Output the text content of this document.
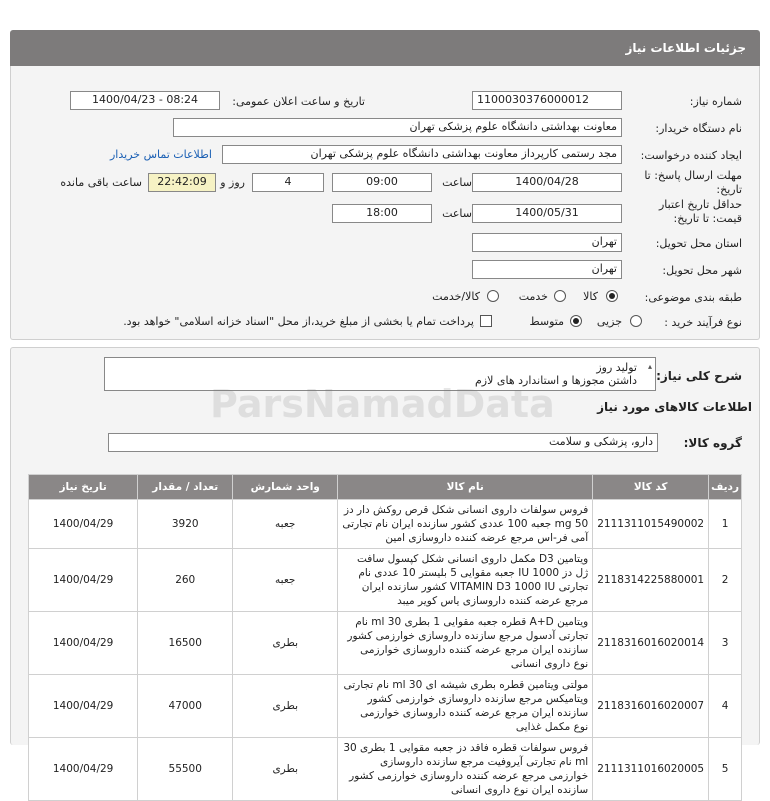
جزئیات اطلاعات نیاز
شماره نیاز:
1100030376000012
تاریخ و ساعت اعلان عمومی:
1400/04/23 - 08:24
نام دستگاه خریدار:
معاونت بهداشتی دانشگاه علوم پزشکی تهران
ایجاد کننده درخواست:
مجد رستمی کارپرداز معاونت بهداشتی دانشگاه علوم پزشکی تهران
اطلاعات تماس خریدار
مهلت ارسال پاسخ: تا
تاریخ:
1400/04/28
ساعت
09:00
4
روز و
22:42:09
ساعت باقی مانده
حداقل تاریخ اعتبار
قیمت: تا تاریخ:
1400/05/31
ساعت
18:00
استان محل تحویل:
تهران
شهر محل تحویل:
تهران
طبقه بندی موضوعی:
کالا
خدمت
کالا/خدمت
نوع فرآیند خرید :
جزیی
متوسط
پرداخت تمام یا بخشی از مبلغ خرید،از محل "اسناد خزانه اسلامی" خواهد بود.
شرح کلی نیاز:
تولید روز
داشتن مجوزها و استاندارد های لازم
▴
اطلاعات کالاهای مورد نیاز
گروه کالا:
دارو، پزشکی و سلامت
ردیف	کد کالا	نام کالا	واحد شمارش	تعداد / مقدار	تاریخ نیاز
1	2111311015490002	فروس سولفات داروی انسانی شکل قرص روکش دار دز 50 mg جعبه 100 عددی کشور سازنده ایران نام تجارتی آمی فر-اس مرجع عرضه کننده داروسازی امین	جعبه	3920	1400/04/29
2	2118314225880001	ویتامین D3 مکمل داروی انسانی شکل کپسول سافت ژل دز IU 1000 جعبه مقوایی 5 بلیستر 10 عددی نام تجارتی VITAMIN D3 1000 IU کشور سازنده ایران مرجع عرضه کننده داروسازی یاس کویر میبد	جعبه	260	1400/04/29
3	2118316016020014	ویتامین A+D قطره جعبه مقوایی 1 بطری 30 ml نام تجارتی آدسول مرجع سازنده داروسازی خوارزمی کشور سازنده ایران مرجع عرضه کننده داروسازی خوارزمی نوع داروی انسانی	بطری	16500	1400/04/29
4	2118316016020007	مولتی ویتامین قطره بطری شیشه ای 30 ml نام تجارتی ویتامیکس مرجع سازنده داروسازی خوارزمی کشور سازنده ایران مرجع عرضه کننده داروسازی خوارزمی نوع مکمل غذایی	بطری	47000	1400/04/29
5	2111311016020005	فروس سولفات قطره فاقد دز جعبه مقوایی 1 بطری 30 ml نام تجارتی آیروفیت مرجع سازنده داروسازی خوارزمی مرجع عرضه کننده داروسازی خوارزمی کشور سازنده ایران نوع داروی انسانی	بطری	55500	1400/04/29
